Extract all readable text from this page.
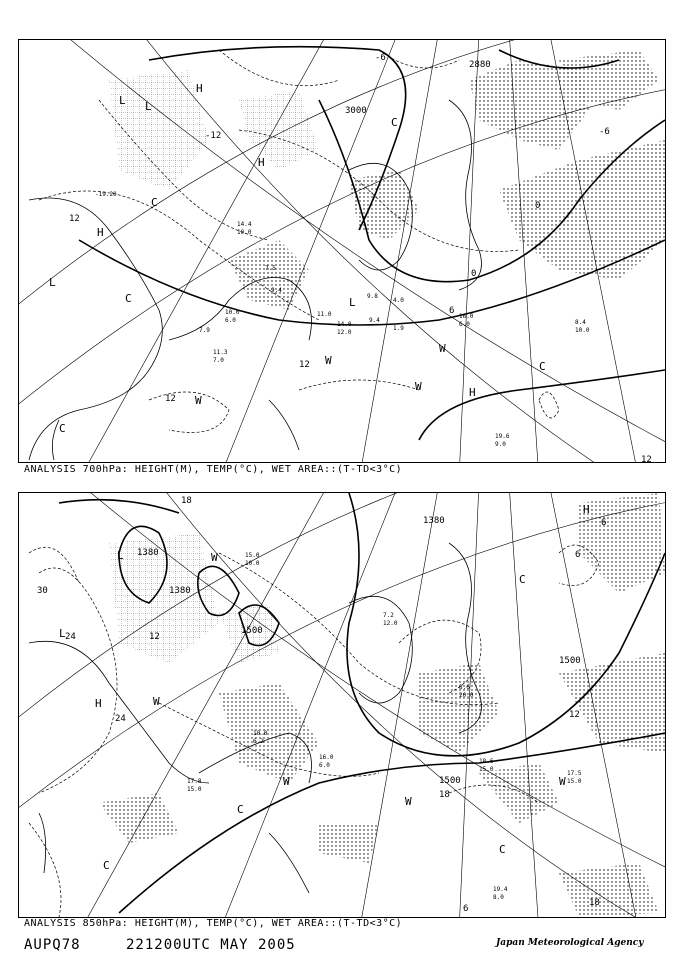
3000
2880
-12
-6
-6
0
0
6
12
12
12
12
H
H
H
H
L L
L
L
C
C
C
C
C
W
W
W
W
-19.20
14.4
10.0
7.5
9.4
10.0
6.0
11.0
14.0
12.0
7.9
11.3
7.0
9.8
4.0
1.9
9.4
19.6
9.0
8.4
10.0
16.0
6.0
ANALYSIS 700hPa: HEIGHT(M), TEMP(°C), WET AREA::(T-TD<3°C)
1380
1380
1500
1380
1500
1500
30
24
24
18
18
18
12
12
6
6
6
H
H
L
L
C
C
C
C
W
W
W
W
W
15.0
10.0
17.5
15.0
18.6
15.0
16.0
6.0
7.2
12.0
8.6
20.0
10.0
6.2
19.4
8.0
17.8
15.0
ANALYSIS 850hPa: HEIGHT(M), TEMP(°C), WET AREA::(T-TD<3°C)
AUPQ78	221200UTC MAY 2005	Japan Meteorological Agency
